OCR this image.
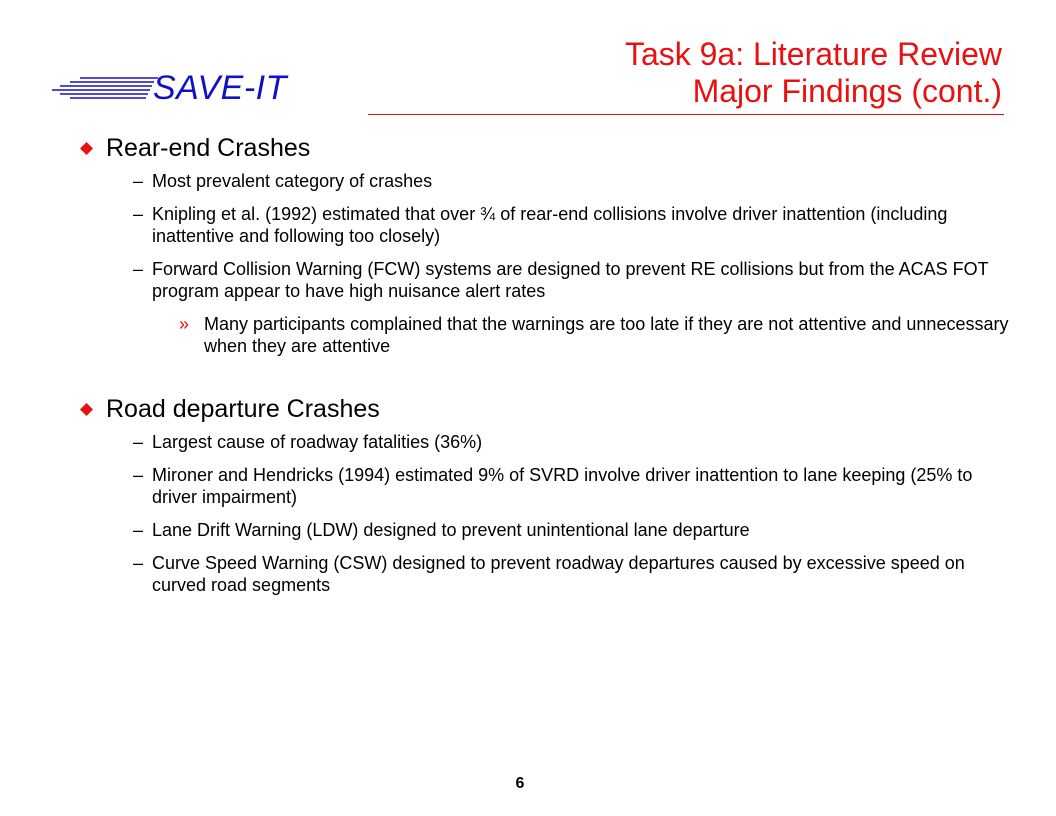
SAVE-IT
Task 9a: Literature Review
Major Findings (cont.)
Rear-end Crashes
– Most prevalent category of crashes
– Knipling et al. (1992) estimated that over ¾ of rear-end collisions involve driver inattention (including inattentive and following too closely)
– Forward Collision Warning (FCW) systems are designed to prevent RE collisions but from the ACAS FOT program appear to have high nuisance alert rates
» Many participants complained that the warnings are too late if they are not attentive and unnecessary when they are attentive
Road departure Crashes
– Largest cause of roadway fatalities (36%)
– Mironer and Hendricks (1994) estimated 9% of SVRD involve driver inattention to lane keeping (25% to driver impairment)
– Lane Drift Warning (LDW) designed to prevent unintentional lane departure
– Curve Speed Warning (CSW) designed to prevent roadway departures caused by excessive speed on curved road segments
6
